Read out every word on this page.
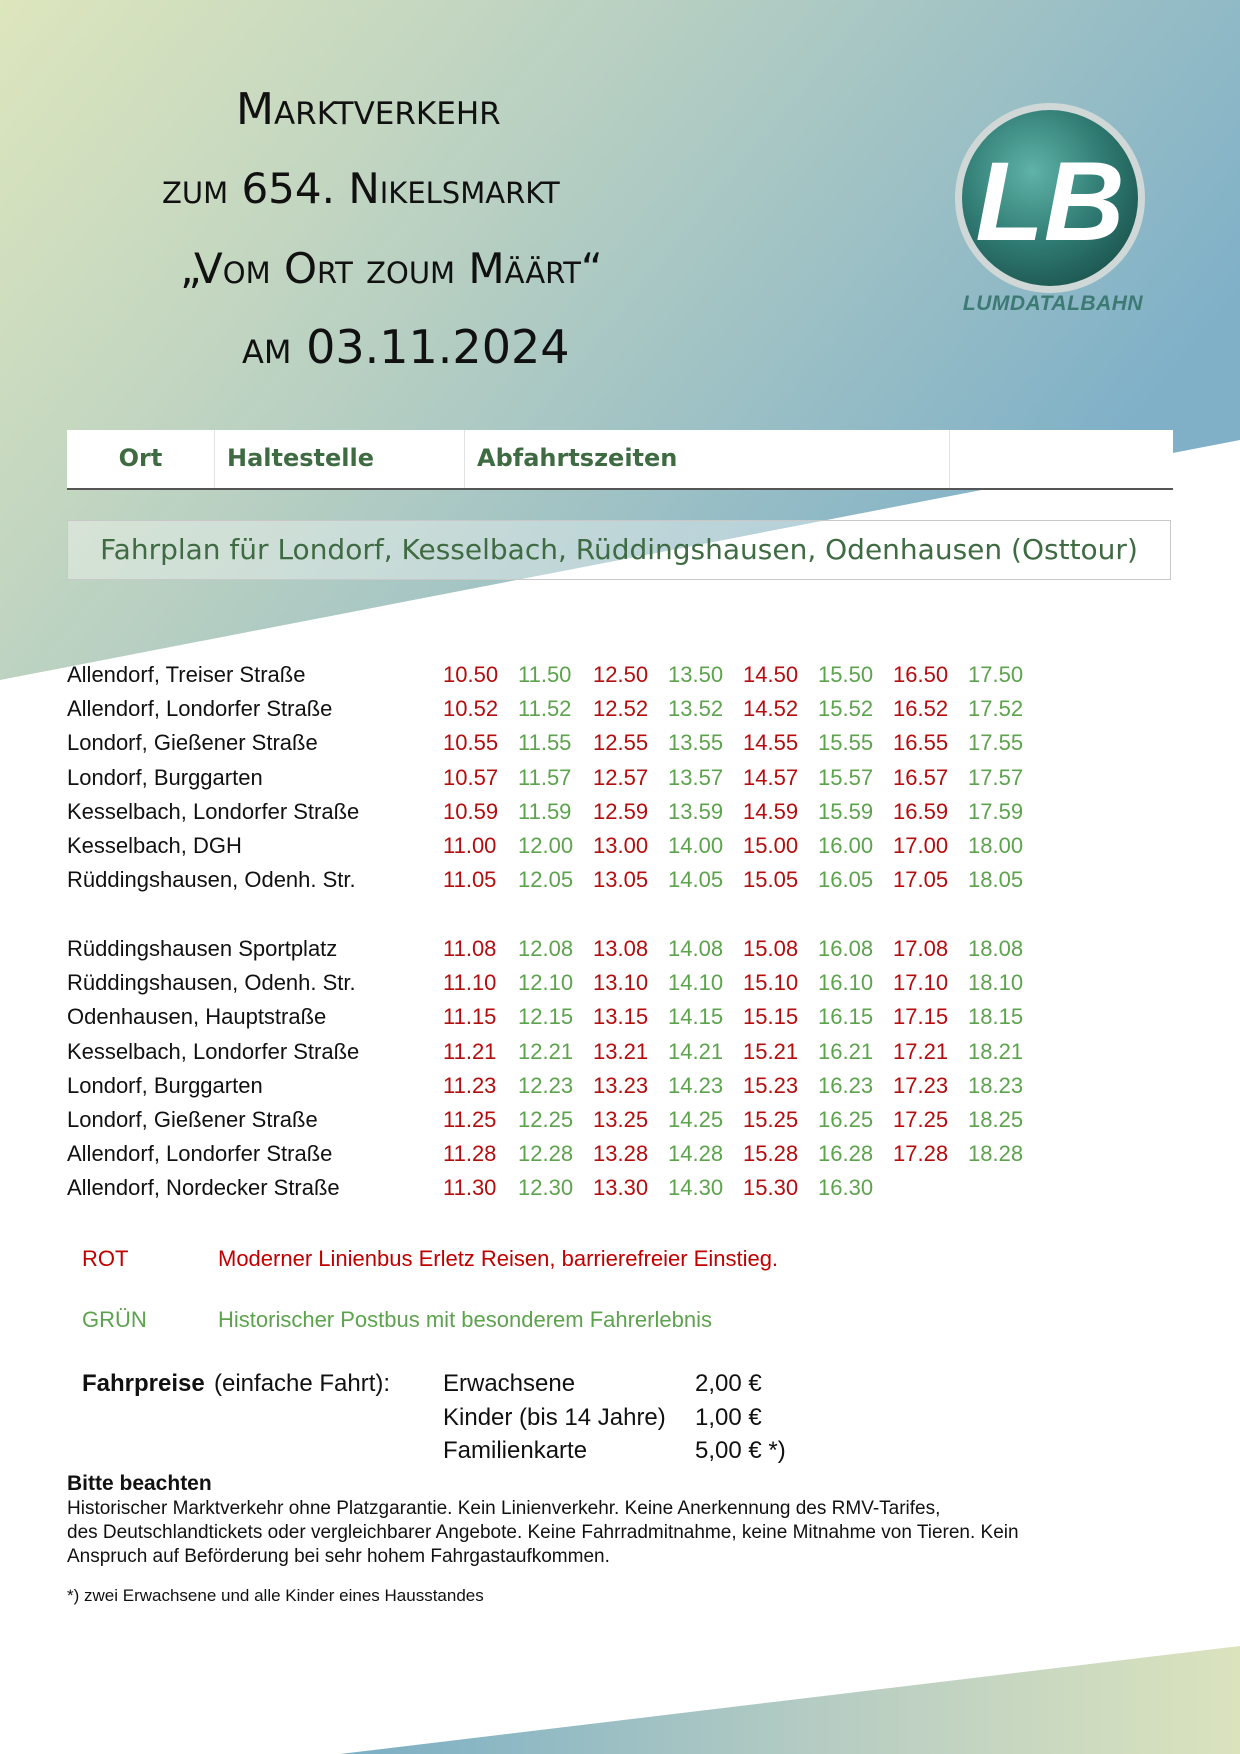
Marktverkehr
zum 654. Nikelsmarkt
„Vom Ort zoum Määrt“
am 03.11.2024
LB
LUMDATALBAHN
Ort	Haltestelle	Abfahrtszeiten
Fahrplan für Londorf, Kesselbach, Rüddingshausen, Odenhausen (Osttour)
Allendorf, Treiser Straße	10.50 11.50 12.50 13.50 14.50 15.50 16.50 17.50
Allendorf, Londorfer Straße	10.52 11.52 12.52 13.52 14.52 15.52 16.52 17.52
Londorf, Gießener Straße	10.55 11.55 12.55 13.55 14.55 15.55 16.55 17.55
Londorf, Burggarten	10.57 11.57 12.57 13.57 14.57 15.57 16.57 17.57
Kesselbach, Londorfer Straße	10.59 11.59 12.59 13.59 14.59 15.59 16.59 17.59
Kesselbach, DGH	11.00 12.00 13.00 14.00 15.00 16.00 17.00 18.00
Rüddingshausen, Odenh. Str.	11.05 12.05 13.05 14.05 15.05 16.05 17.05 18.05
Rüddingshausen Sportplatz	11.08 12.08 13.08 14.08 15.08 16.08 17.08 18.08
Rüddingshausen, Odenh. Str.	11.10 12.10 13.10 14.10 15.10 16.10 17.10 18.10
Odenhausen, Hauptstraße	11.15 12.15 13.15 14.15 15.15 16.15 17.15 18.15
Kesselbach, Londorfer Straße	11.21 12.21 13.21 14.21 15.21 16.21 17.21 18.21
Londorf, Burggarten	11.23 12.23 13.23 14.23 15.23 16.23 17.23 18.23
Londorf, Gießener Straße	11.25 12.25 13.25 14.25 15.25 16.25 17.25 18.25
Allendorf, Londorfer Straße	11.28 12.28 13.28 14.28 15.28 16.28 17.28 18.28
Allendorf, Nordecker Straße	11.30 12.30 13.30 14.30 15.30 16.30
ROT	Moderner Linienbus Erletz Reisen, barrierefreier Einstieg.
GRÜN	Historischer Postbus mit besonderem Fahrerlebnis
Fahrpreise (einfache Fahrt): Erwachsene	2,00 €
Kinder (bis 14 Jahre) 1,00 €
Familienkarte	5,00 € *)
Bitte beachten
Historischer Marktverkehr ohne Platzgarantie. Kein Linienverkehr. Keine Anerkennung des RMV-Tarifes,
des Deutschlandtickets oder vergleichbarer Angebote. Keine Fahrradmitnahme, keine Mitnahme von Tieren. Kein
Anspruch auf Beförderung bei sehr hohem Fahrgastaufkommen.
*) zwei Erwachsene und alle Kinder eines Hausstandes
